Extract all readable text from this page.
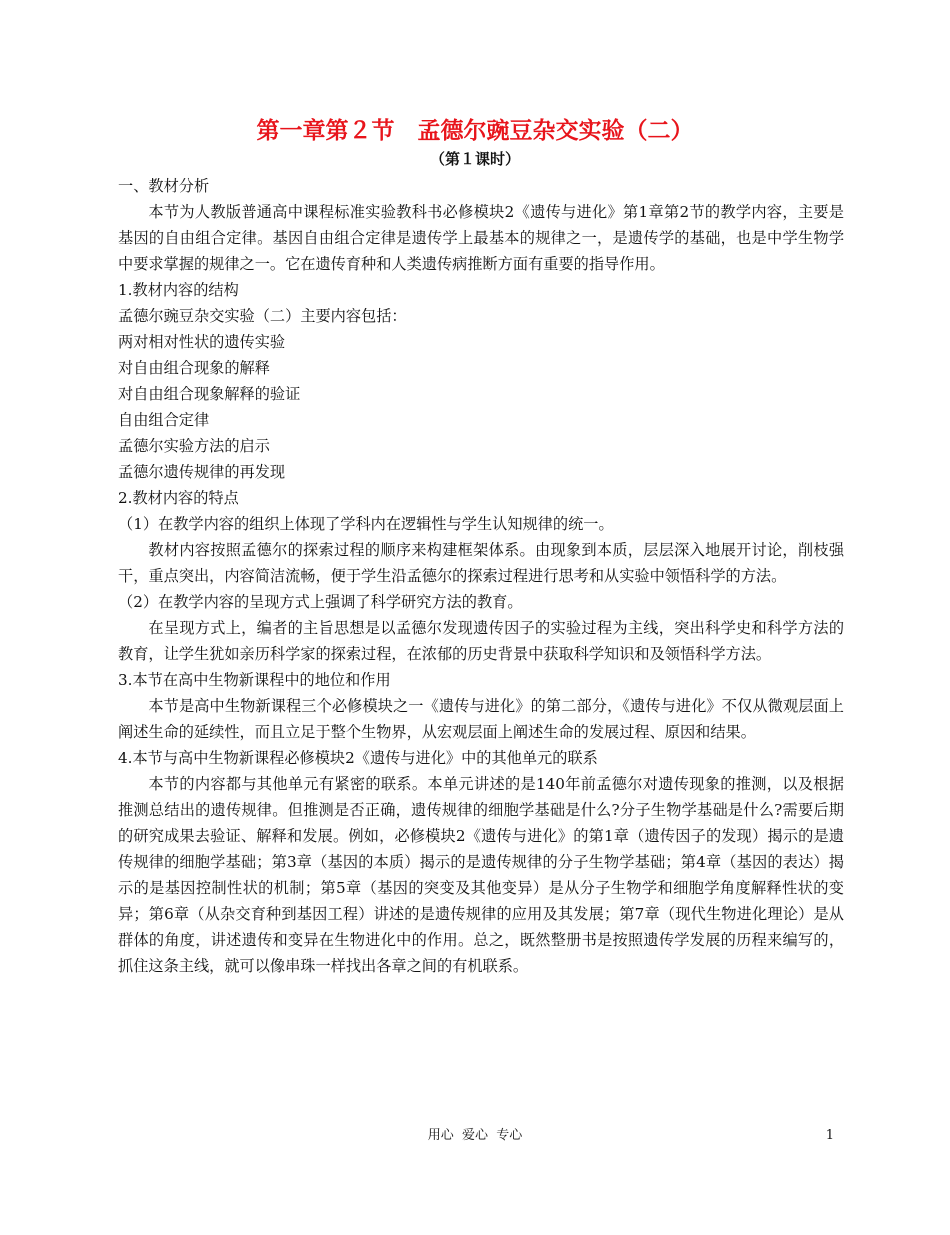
第一章第２节　孟德尔豌豆杂交实验（二）
（第１课时）

一、教材分析

本节为人教版普通高中课程标准实验教科书必修模块2《遗传与进化》第1章第2节的教学内容，主要是基因的自由组合定律。基因自由组合定律是遗传学上最基本的规律之一，是遗传学的基础，也是中学生物学中要求掌握的规律之一。它在遗传育种和人类遗传病推断方面有重要的指导作用。

1.教材内容的结构

孟德尔豌豆杂交实验（二）主要内容包括：

两对相对性状的遗传实验

对自由组合现象的解释

对自由组合现象解释的验证

自由组合定律

孟德尔实验方法的启示

孟德尔遗传规律的再发现

2.教材内容的特点

（1）在教学内容的组织上体现了学科内在逻辑性与学生认知规律的统一。

教材内容按照孟德尔的探索过程的顺序来构建框架体系。由现象到本质，层层深入地展开讨论，削枝强干，重点突出，内容简洁流畅，便于学生沿孟德尔的探索过程进行思考和从实验中领悟科学的方法。

（2）在教学内容的呈现方式上强调了科学研究方法的教育。

在呈现方式上，编者的主旨思想是以孟德尔发现遗传因子的实验过程为主线，突出科学史和科学方法的教育，让学生犹如亲历科学家的探索过程，在浓郁的历史背景中获取科学知识和及领悟科学方法。

3.本节在高中生物新课程中的地位和作用

本节是高中生物新课程三个必修模块之一《遗传与进化》的第二部分，《遗传与进化》不仅从微观层面上阐述生命的延续性，而且立足于整个生物界，从宏观层面上阐述生命的发展过程、原因和结果。

4.本节与高中生物新课程必修模块2《遗传与进化》中的其他单元的联系

本节的内容都与其他单元有紧密的联系。本单元讲述的是140年前孟德尔对遗传现象的推测，以及根据推测总结出的遗传规律。但推测是否正确，遗传规律的细胞学基础是什么?分子生物学基础是什么?需要后期的研究成果去验证、解释和发展。例如，必修模块2《遗传与进化》的第1章（遗传因子的发现）揭示的是遗传规律的细胞学基础；第3章（基因的本质）揭示的是遗传规律的分子生物学基础；第4章（基因的表达）揭示的是基因控制性状的机制；第5章（基因的突变及其他变异）是从分子生物学和细胞学角度解释性状的变异；第6章（从杂交育种到基因工程）讲述的是遗传规律的应用及其发展；第7章（现代生物进化理论）是从群体的角度，讲述遗传和变异在生物进化中的作用。总之，既然整册书是按照遗传学发展的历程来编写的，抓住这条主线，就可以像串珠一样找出各章之间的有机联系。

用心  爱心  专心	1
